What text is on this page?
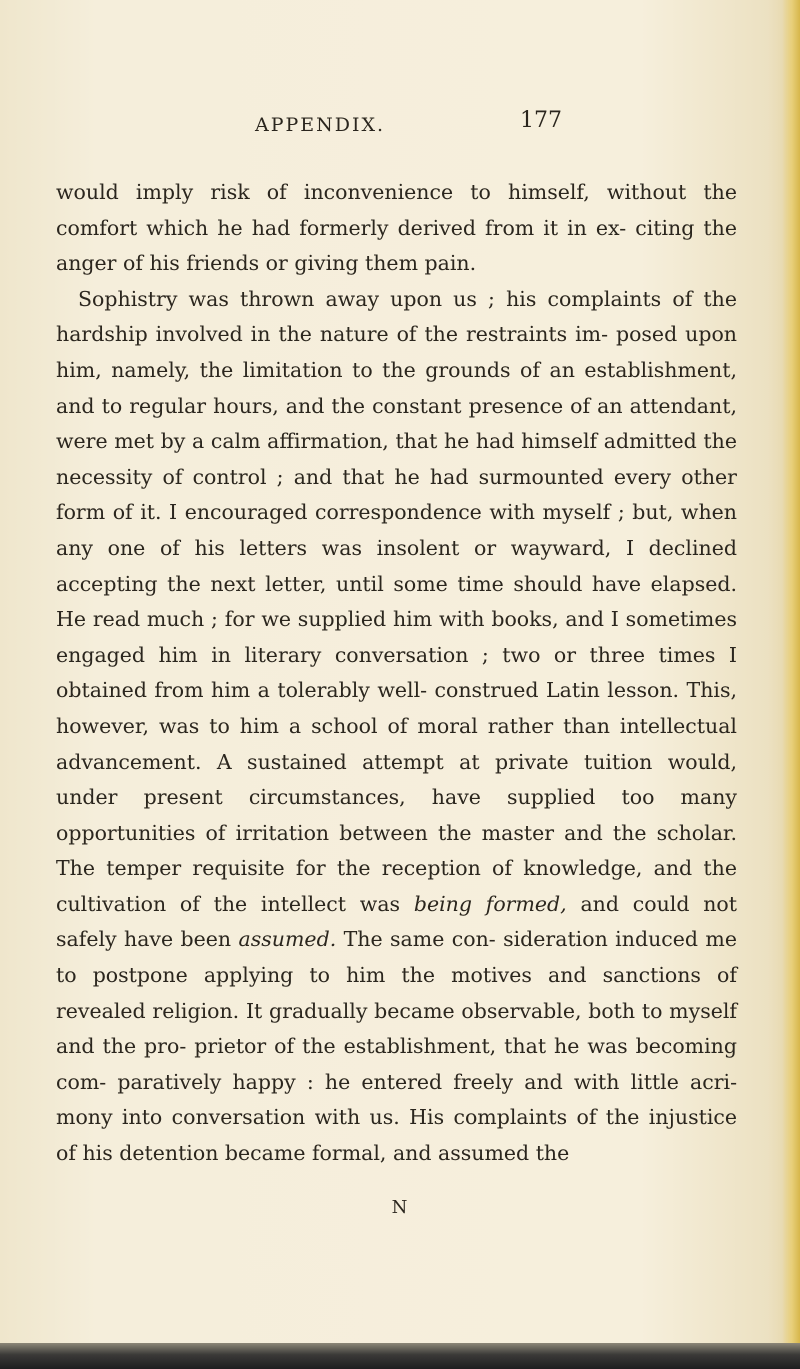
APPENDIX.	177

would imply risk of inconvenience to himself, without the comfort which he had formerly derived from it in ex- citing the anger of his friends or giving them pain.

Sophistry was thrown away upon us ; his complaints of the hardship involved in the nature of the restraints im- posed upon him, namely, the limitation to the grounds of an establishment, and to regular hours, and the constant presence of an attendant, were met by a calm affirmation, that he had himself admitted the necessity of control ; and that he had surmounted every other form of it. I encouraged correspondence with myself ; but, when any one of his letters was insolent or wayward, I declined accepting the next letter, until some time should have elapsed. He read much ; for we supplied him with books, and I sometimes engaged him in literary conversation ; two or three times I obtained from him a tolerably well- construed Latin lesson. This, however, was to him a school of moral rather than intellectual advancement. A sustained attempt at private tuition would, under present circumstances, have supplied too many opportunities of irritation between the master and the scholar. The temper requisite for the reception of knowledge, and the cultivation of the intellect was being formed, and could not safely have been assumed. The same con- sideration induced me to postpone applying to him the motives and sanctions of revealed religion. It gradually became observable, both to myself and the pro- prietor of the establishment, that he was becoming com- paratively happy : he entered freely and with little acri- mony into conversation with us. His complaints of the injustice of his detention became formal, and assumed the

N
